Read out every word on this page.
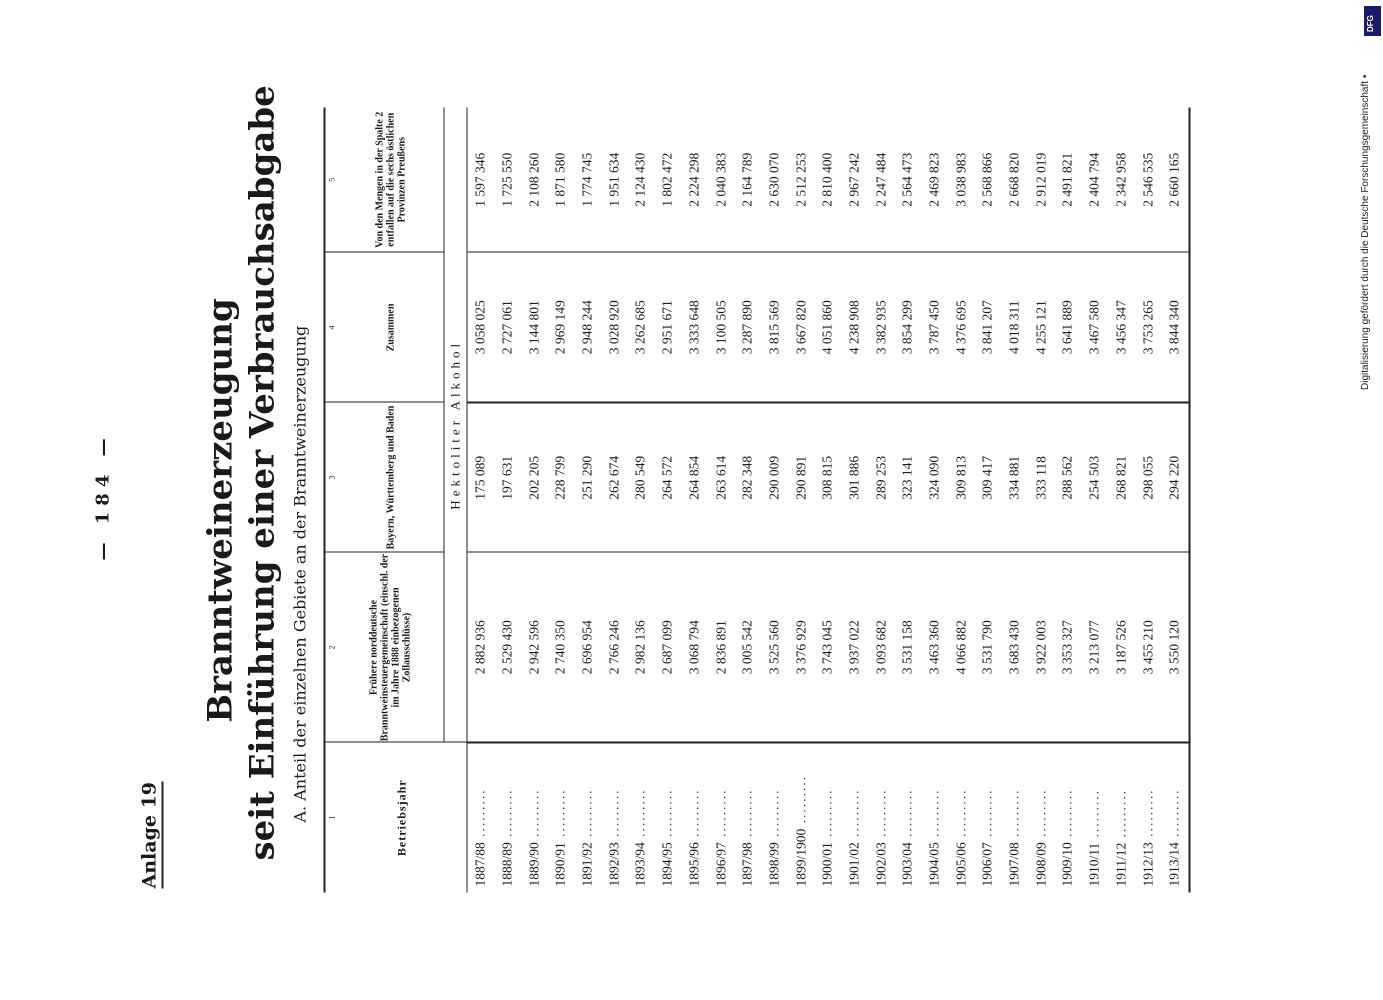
— 184 —
Anlage 19
Branntweinerzeugung seit Einführung einer Verbrauchsabgabe A. Anteil der einzelnen Gebiete an der Branntweinerzeugung 1	2	3	4	5
Betriebsjahr	Frühere norddeutsche Branntweinsteuergemeinschaft (einschl. der im Jahre 1888 einbezogenen Zollausschlüsse)	Bayern, Württemberg und Baden	Zusammen	Von den Mengen in der Spalte 2 entfallen auf die sechs östlichen Provinzen Preußens
	Hektoliter Alkohol			
1887/88 .........	2 882 936	175 089	3 058 025	1 597 346
1888/89 .........	2 529 430	197 631	2 727 061	1 725 550
1889/90 .........	2 942 596	202 205	3 144 801	2 108 260
1890/91 .........	2 740 350	228 799	2 969 149	1 871 580
1891/92 .........	2 696 954	251 290	2 948 244	1 774 745
1892/93 .........	2 766 246	262 674	3 028 920	1 951 634
1893/94 .........	2 982 136	280 549	3 262 685	2 124 430
1894/95 .........	2 687 099	264 572	2 951 671	1 802 472
1895/96 .........	3 068 794	264 854	3 333 648	2 224 298
1896/97 .........	2 836 891	263 614	3 100 505	2 040 383
1897/98 .........	3 005 542	282 348	3 287 890	2 164 789
1898/99 .........	3 525 560	290 009	3 815 569	2 630 070
1899/1900 .........	3 376 929	290 891	3 667 820	2 512 253
1900/01 .........	3 743 045	308 815	4 051 860	2 810 400
1901/02 .........	3 937 022	301 886	4 238 908	2 967 242
1902/03 .........	3 093 682	289 253	3 382 935	2 247 484
1903/04 .........	3 531 158	323 141	3 854 299	2 564 473
1904/05 .........	3 463 360	324 090	3 787 450	2 469 823
1905/06 .........	4 066 882	309 813	4 376 695	3 038 983
1906/07 .........	3 531 790	309 417	3 841 207	2 568 866
1907/08 .........	3 683 430	334 881	4 018 311	2 668 820
1908/09 .........	3 922 003	333 118	4 255 121	2 912 019
1909/10 .........	3 353 327	288 562	3 641 889	2 491 821
1910/11 .........	3 213 077	254 503	3 467 580	2 404 794
1911/12 .........	3 187 526	268 821	3 456 347	2 342 958
1912/13 .........	3 455 210	298 055	3 753 265	2 546 535
1913/14 .........	3 550 120	294 220	3 844 340	2 660 165
					Digitalisierung gefördert durch die Deutsche Forschungsgemeinschaft •
DFG
